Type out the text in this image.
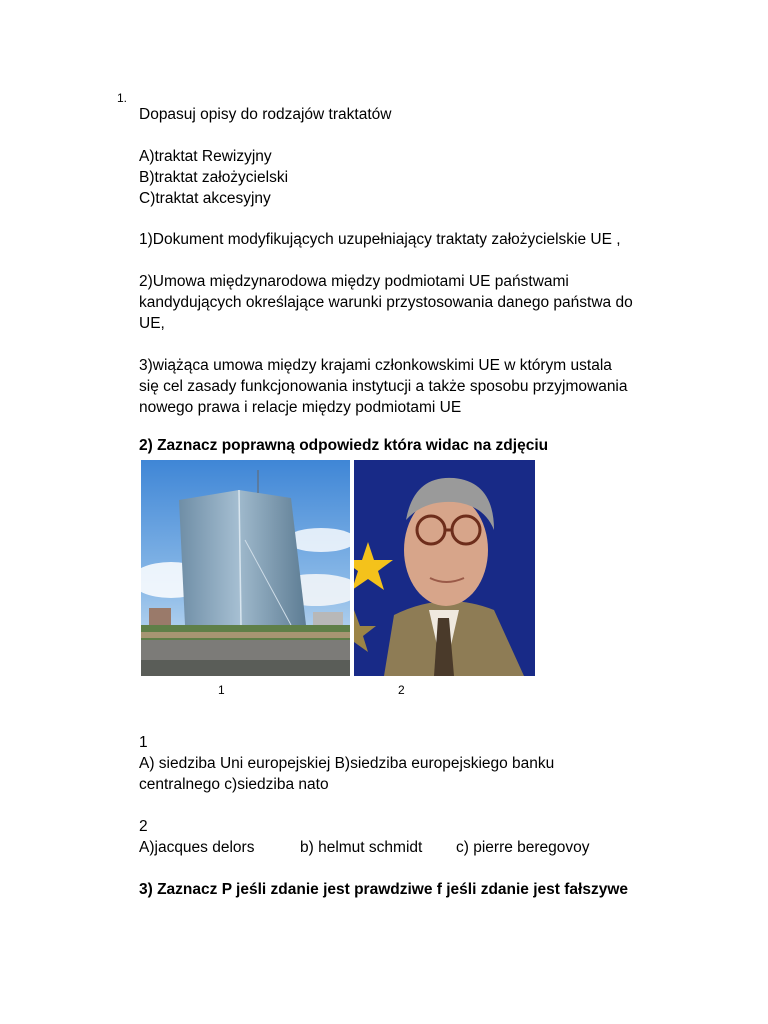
1.
Dopasuj opisy do rodzajów traktatów
A)traktat Rewizyjny
B)traktat założycielski
C)traktat akcesyjny
1)Dokument modyfikujących uzupełniający traktaty założycielskie UE ,
2)Umowa międzynarodowa między podmiotami UE państwami
kandydujących określające warunki przystosowania danego państwa do
UE,
3)wiążąca umowa między krajami członkowskimi UE w którym ustala
się cel zasady funkcjonowania instytucji a także sposobu przyjmowania
nowego prawa i relacje między podmiotami UE
2) Zaznacz poprawną odpowiedz która widac na zdjęciu
1	2
1
A) siedziba Uni europejskiej B)siedziba europejskiego banku
centralnego c)siedziba nato
2
A)jacques delors	b) helmut schmidt c) pierre beregovoy
3) Zaznacz P jeśli zdanie jest prawdziwe f jeśli zdanie jest fałszywe
